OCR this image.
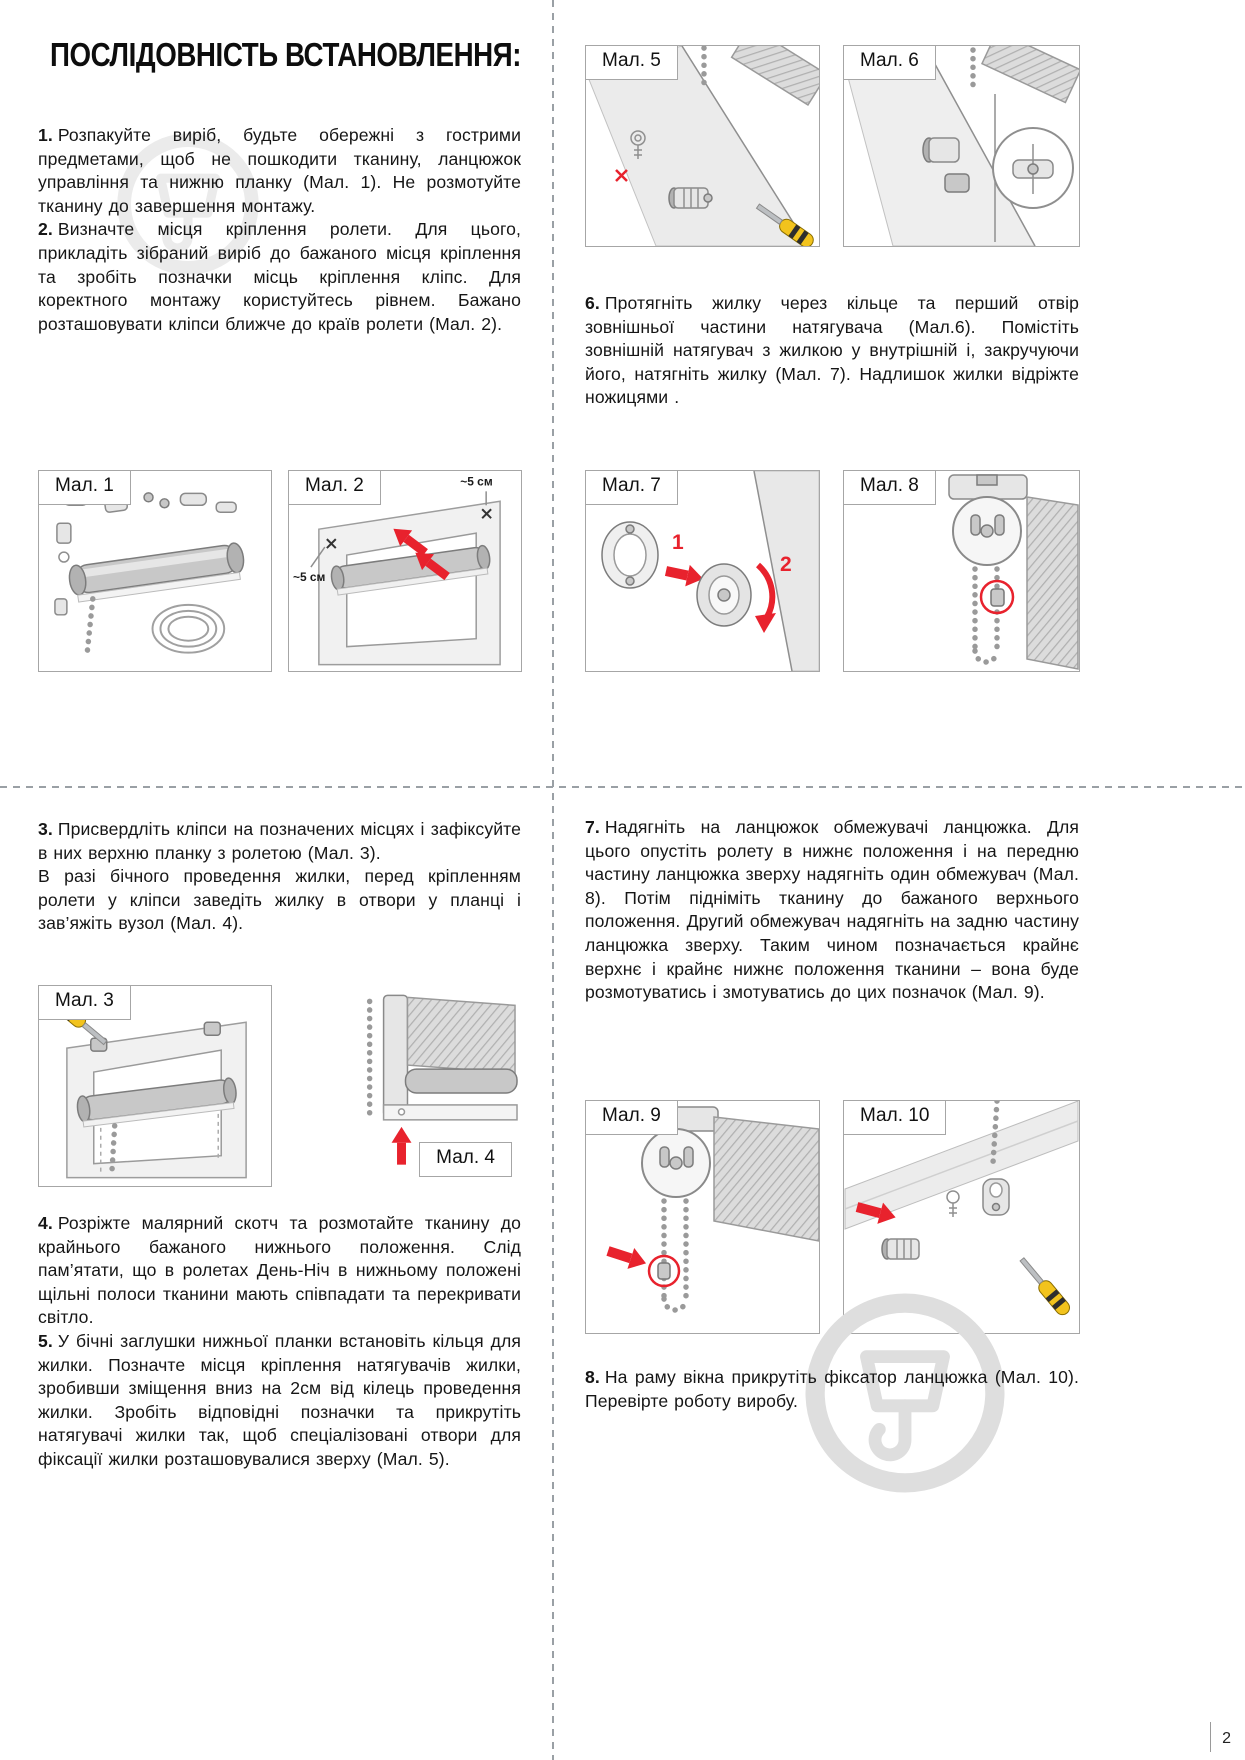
ПОСЛІДОВНІСТЬ ВСТАНОВЛЕННЯ:

1. Розпакуйте виріб, будьте обережні з гострими предметами, щоб не пошкодити тканину, ланцюжок управління та нижню планку (Мал. 1). Не розмотуйте тканину до завершення монтажу.

2. Визначте місця кріплення ролети. Для цього, прикладіть зібраний виріб до бажаного місця кріплення та зробіть позначки місць кріплення кліпс. Для коректного монтажу користуйтесь рівнем. Бажано розташовувати кліпси ближче до країв ролети (Мал. 2).

6. Протягніть жилку через кільце та перший отвір зовнішньої частини натягувача (Мал.6). Помістіть зовнішній натягувач з жилкою у внутрішній і, закручуючи його, натягніть жилку (Мал. 7). Надлишок жилки відріжте ножицями .

3. Присвердліть кліпси на позначених місцях і зафіксуйте в них верхню планку з ролетою (Мал. 3).

В разі бічного проведення жилки, перед кріпленням ролети у кліпси заведіть жилку в отвори у планці і зав’яжіть вузол (Мал. 4).

7. Надягніть на ланцюжок обмежувачі ланцюжка. Для цього опустіть ролету в нижнє положення і на передню частину ланцюжка зверху надягніть один обмежувач (Мал. 8). Потім підніміть тканину до бажаного верхнього положення. Другий обмежувач надягніть на задню частину ланцюжка зверху. Таким чином позначається крайнє верхнє і крайнє нижнє положення тканини – вона буде розмотуватись і змотуватись до цих позначок (Мал. 9).

4. Розріжте малярний скотч та розмотайте тканину до крайнього бажаного нижнього положення. Слід пам’ятати, що в ролетах День-Ніч в нижньому положені щільні полоси тканини мають співпадати та перекривати світло.

5. У бічні заглушки нижньої планки встановіть кільця для жилки. Позначте місця кріплення натягувачів жилки, зробивши зміщення вниз на 2см від кілець проведення жилки. Зробіть відповідні позначки та прикрутіть натягувачі жилки так, щоб спеціалізовані отвори для фіксації жилки розташовувалися зверху (Мал. 5).

8. На раму вікна прикрутіть фіксатор ланцюжка (Мал. 10). Перевірте роботу виробу.

Мал. 1	~5 см
~5 см
Мал. 2
Мал. 3
Мал. 4
Мал. 5	Мал. 6
1
2
Мал. 7	Мал. 8
Мал. 9	Мал. 10
2
